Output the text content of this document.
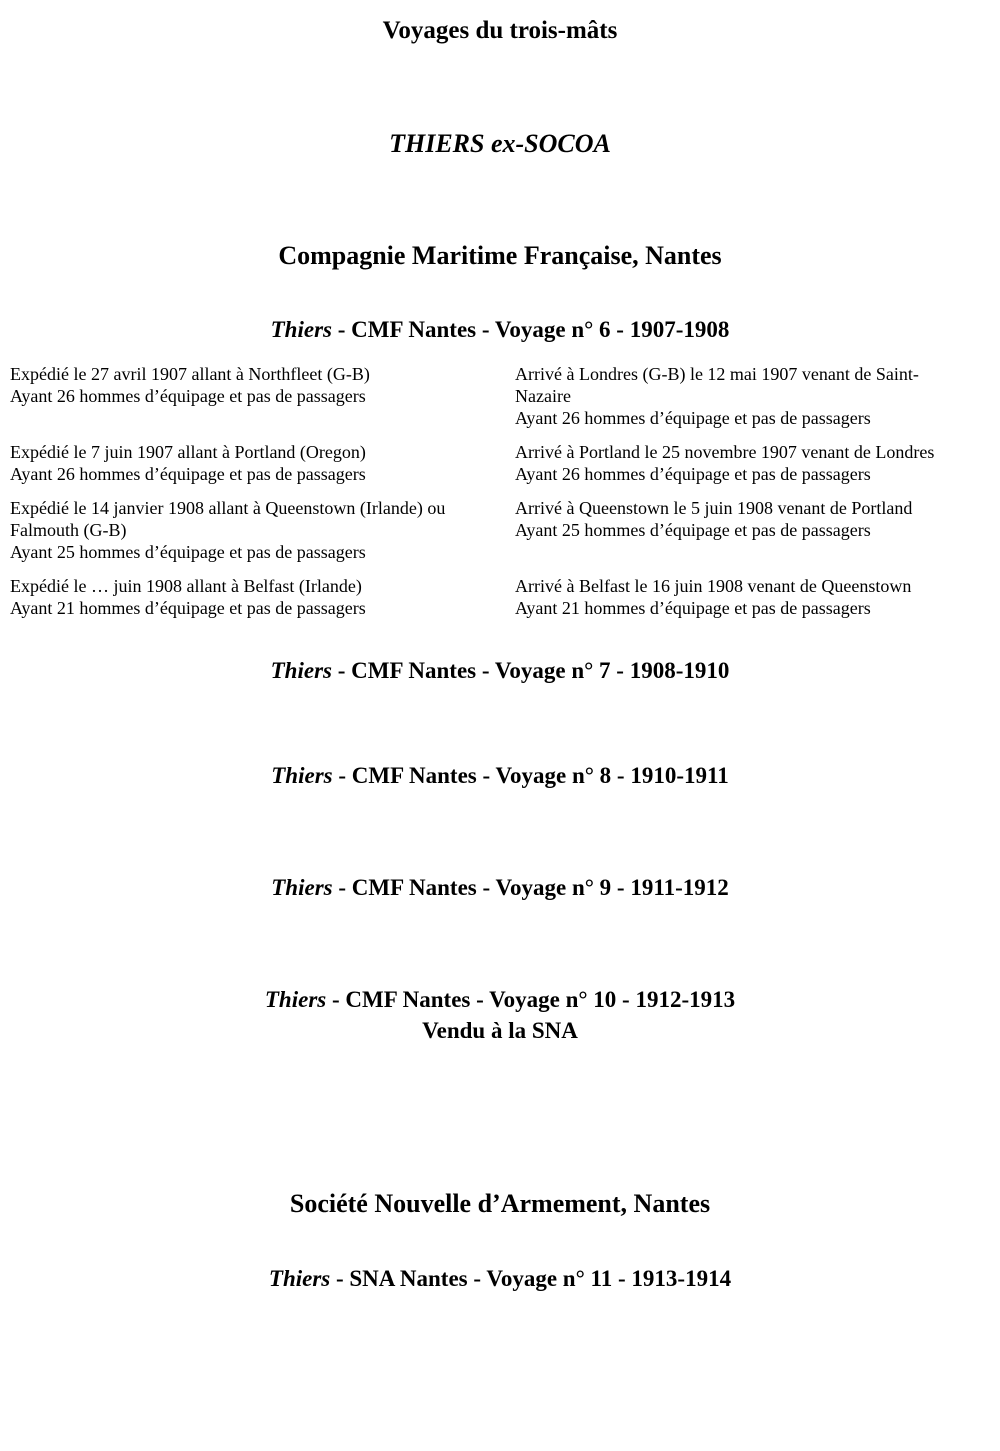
Voyages du trois-mâts
THIERS ex-SOCOA
Compagnie Maritime Française, Nantes
Thiers - CMF Nantes - Voyage n° 6 - 1907-1908
Expédié le 27 avril 1907 allant à Northfleet (G-B)
Ayant 26 hommes d’équipage et pas de passagers
Arrivé à Londres (G-B) le 12 mai 1907 venant de Saint-Nazaire
Ayant 26 hommes d’équipage et pas de passagers
Expédié le 7 juin 1907 allant à Portland (Oregon)
Ayant 26 hommes d’équipage et pas de passagers
Arrivé à Portland le 25 novembre 1907 venant de Londres
Ayant 26 hommes d’équipage et pas de passagers
Expédié le 14 janvier 1908 allant à Queenstown (Irlande) ou Falmouth (G-B)
Ayant 25 hommes d’équipage et pas de passagers
Arrivé à Queenstown le 5 juin 1908 venant de Portland
Ayant 25 hommes d’équipage et pas de passagers
Expédié le … juin 1908 allant à Belfast (Irlande)
Ayant 21 hommes d’équipage et pas de passagers
Arrivé à Belfast le 16 juin 1908 venant de Queenstown
Ayant 21 hommes d’équipage et pas de passagers
Thiers - CMF Nantes - Voyage n° 7 - 1908-1910
Thiers - CMF Nantes - Voyage n° 8 - 1910-1911
Thiers - CMF Nantes - Voyage n° 9 - 1911-1912
Thiers - CMF Nantes - Voyage n° 10 - 1912-1913
Vendu à la SNA
Société Nouvelle d’Armement, Nantes
Thiers - SNA Nantes - Voyage n° 11 - 1913-1914
